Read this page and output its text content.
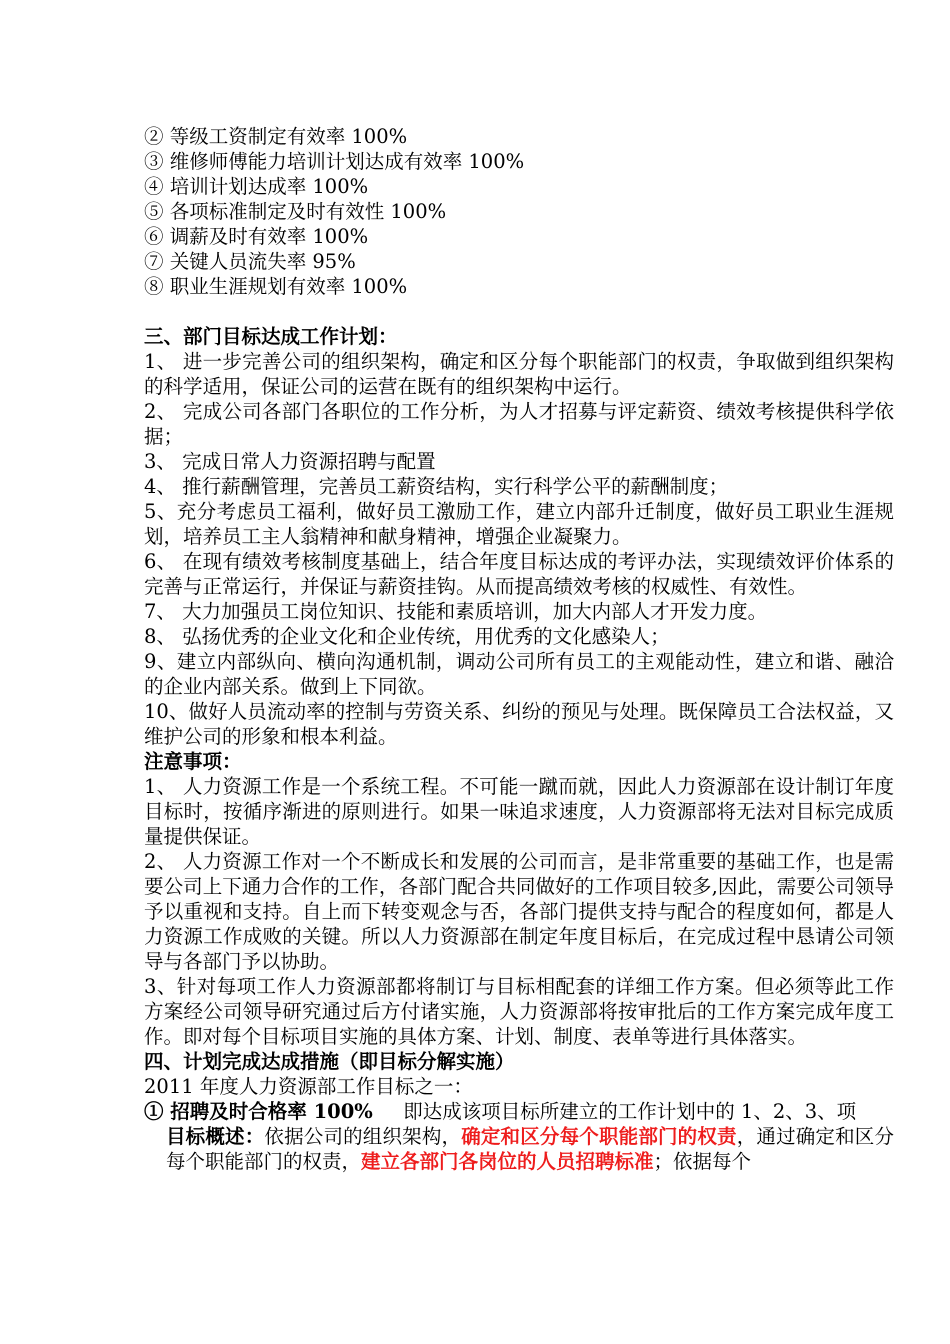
② 等级工资制定有效率 100%
③ 维修师傅能力培训计划达成有效率 100%
④ 培训计划达成率 100%
⑤ 各项标准制定及时有效性 100%
⑥ 调薪及时有效率 100%
⑦ 关键人员流失率 95%
⑧ 职业生涯规划有效率 100%
三、部门目标达成工作计划：
1、 进一步完善公司的组织架构，确定和区分每个职能部门的权责，争取做到组织架构的科学适用，保证公司的运营在既有的组织架构中运行。
2、 完成公司各部门各职位的工作分析，为人才招募与评定薪资、绩效考核提供科学依据；
3、 完成日常人力资源招聘与配置
4、 推行薪酬管理，完善员工薪资结构，实行科学公平的薪酬制度；
5、充分考虑员工福利，做好员工激励工作，建立内部升迁制度，做好员工职业生涯规划，培养员工主人翁精神和献身精神，增强企业凝聚力。
6、 在现有绩效考核制度基础上，结合年度目标达成的考评办法，实现绩效评价体系的完善与正常运行，并保证与薪资挂钩。从而提高绩效考核的权威性、有效性。
7、 大力加强员工岗位知识、技能和素质培训，加大内部人才开发力度。
8、 弘扬优秀的企业文化和企业传统，用优秀的文化感染人；
9、建立内部纵向、横向沟通机制，调动公司所有员工的主观能动性，建立和谐、融洽的企业内部关系。做到上下同欲。
10、做好人员流动率的控制与劳资关系、纠纷的预见与处理。既保障员工合法权益，又维护公司的形象和根本利益。
注意事项：
1、 人力资源工作是一个系统工程。不可能一蹴而就，因此人力资源部在设计制订年度目标时，按循序渐进的原则进行。如果一味追求速度，人力资源部将无法对目标完成质量提供保证。
2、 人力资源工作对一个不断成长和发展的公司而言，是非常重要的基础工作，也是需要公司上下通力合作的工作，各部门配合共同做好的工作项目较多,因此，需要公司领导予以重视和支持。自上而下转变观念与否，各部门提供支持与配合的程度如何，都是人力资源工作成败的关键。所以人力资源部在制定年度目标后，在完成过程中恳请公司领导与各部门予以协助。
3、针对每项工作人力资源部都将制订与目标相配套的详细工作方案。但必须等此工作方案经公司领导研究通过后方付诸实施，人力资源部将按审批后的工作方案完成年度工作。即对每个目标项目实施的具体方案、计划、制度、表单等进行具体落实。
四、计划完成达成措施（即目标分解实施）
2011 年度人力资源部工作目标之一：
① 招聘及时合格率 100% 即达成该项目标所建立的工作计划中的 1、2、3、项
目标概述：依据公司的组织架构，确定和区分每个职能部门的权责，通过确定和区分每个职能部门的权责，建立各部门各岗位的人员招聘标准；依据每个
